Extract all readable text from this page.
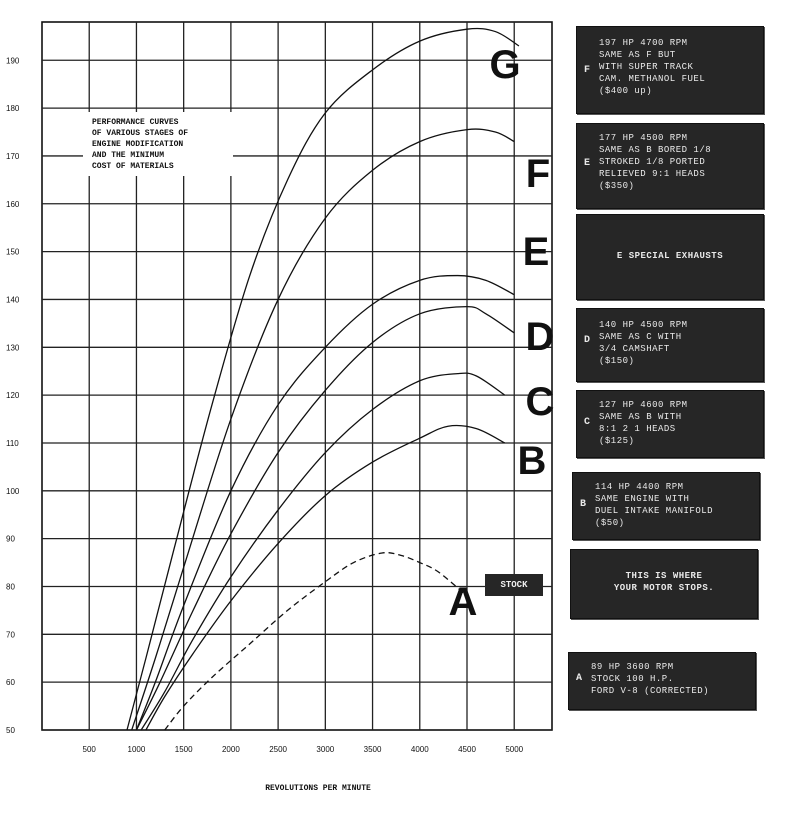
PERFORMANCE CURVES
OF VARIOUS STAGES OF
ENGINE MODIFICATION
AND THE MINIMUM
COST OF MATERIALS
50
60
70
80
90
100
110
120
130
140
150
160
170
180
190
500	1000	1500	2000	2500	3000	3500	4000	4500	5000
REVOLUTIONS PER MINUTE
G
F
E
D
C
B
A
F
197 HP 4700 RPM
SAME AS F BUT
WITH SUPER TRACK
CAM. METHANOL FUEL
($400 up)
E
177 HP 4500 RPM
SAME AS B BORED 1/8
STROKED 1/8 PORTED
RELIEVED 9:1 HEADS
($350)
E SPECIAL EXHAUSTS
D
140 HP 4500 RPM
SAME AS C WITH
3/4 CAMSHAFT
($150)
C
127 HP 4600 RPM
SAME AS B WITH
8:1 2 1 HEADS
($125)
B
114 HP 4400 RPM
SAME ENGINE WITH
DUEL INTAKE MANIFOLD
($50)
THIS IS WHERE
YOUR MOTOR STOPS.
A
89 HP 3600 RPM
STOCK 100 H.P.
FORD V-8 (CORRECTED)
STOCK
